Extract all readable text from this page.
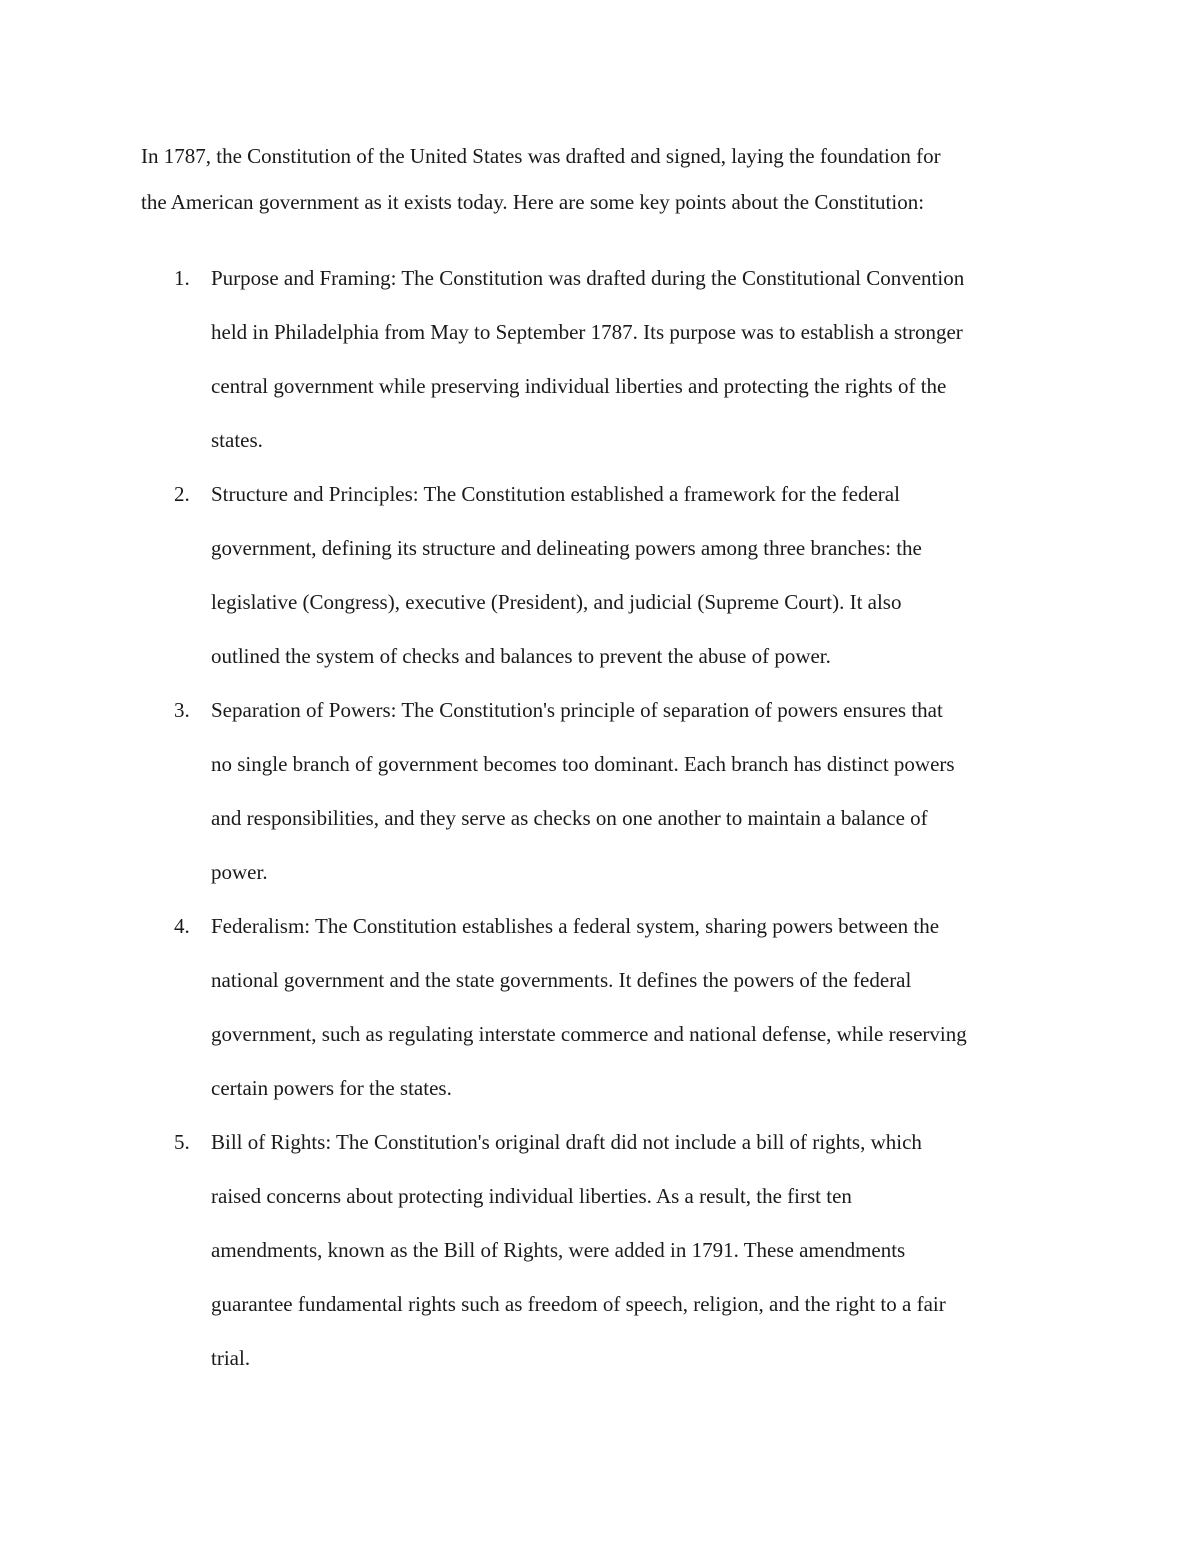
In 1787, the Constitution of the United States was drafted and signed, laying the foundation for
the American government as it exists today. Here are some key points about the Constitution:

1.	Purpose and Framing: The Constitution was drafted during the Constitutional Convention
held in Philadelphia from May to September 1787. Its purpose was to establish a stronger
central government while preserving individual liberties and protecting the rights of the
states.
2.	Structure and Principles: The Constitution established a framework for the federal
government, defining its structure and delineating powers among three branches: the
legislative (Congress), executive (President), and judicial (Supreme Court). It also
outlined the system of checks and balances to prevent the abuse of power.
3.	Separation of Powers: The Constitution's principle of separation of powers ensures that
no single branch of government becomes too dominant. Each branch has distinct powers
and responsibilities, and they serve as checks on one another to maintain a balance of
power.
4.	Federalism: The Constitution establishes a federal system, sharing powers between the
national government and the state governments. It defines the powers of the federal
government, such as regulating interstate commerce and national defense, while reserving
certain powers for the states.
5.	Bill of Rights: The Constitution's original draft did not include a bill of rights, which
raised concerns about protecting individual liberties. As a result, the first ten
amendments, known as the Bill of Rights, were added in 1791. These amendments
guarantee fundamental rights such as freedom of speech, religion, and the right to a fair
trial.
